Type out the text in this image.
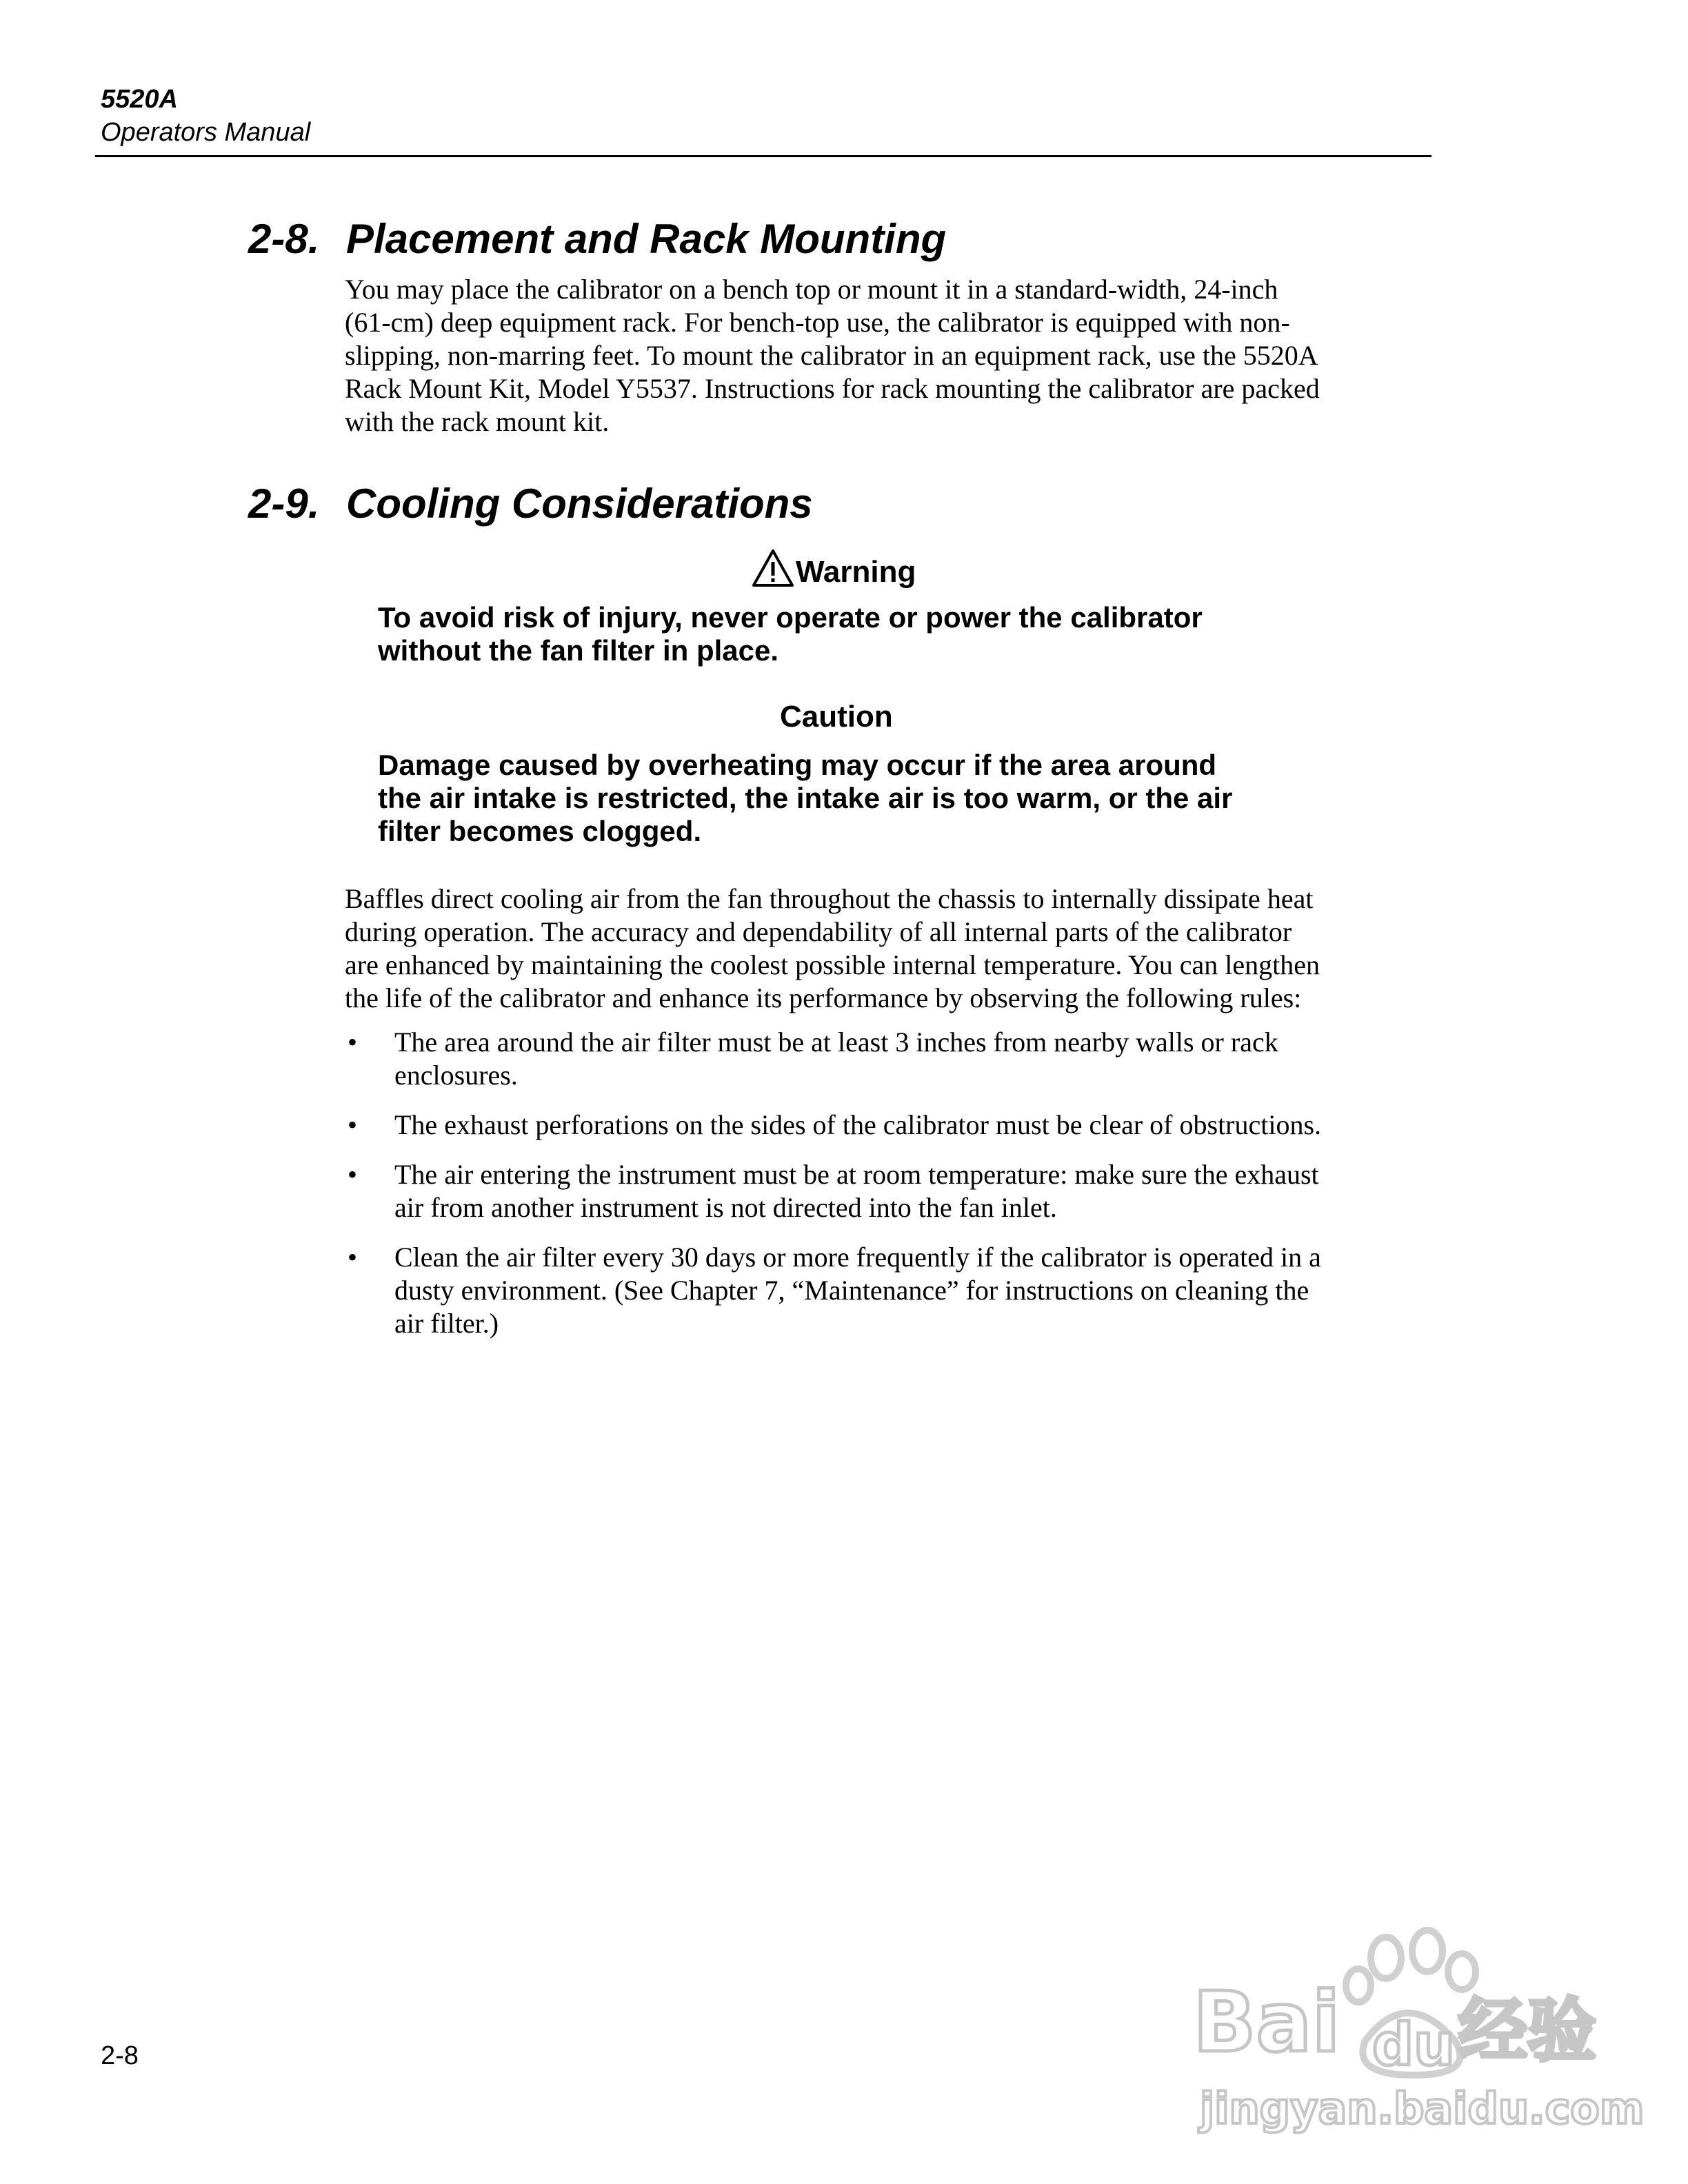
5520A
Operators Manual
2-8. Placement and Rack Mounting

You may place the calibrator on a bench top or mount it in a standard-width, 24-inch

(61-cm) deep equipment rack. For bench-top use, the calibrator is equipped with non-

slipping, non-marring feet. To mount the calibrator in an equipment rack, use the 5520A

Rack Mount Kit, Model Y5537. Instructions for rack mounting the calibrator are packed

with the rack mount kit.

2-9. Cooling Considerations
Warning

To avoid risk of injury, never operate or power the calibrator

without the fan filter in place.

Caution

Damage caused by overheating may occur if the area around

the air intake is restricted, the intake air is too warm, or the air

filter becomes clogged.

Baffles direct cooling air from the fan throughout the chassis to internally dissipate heat

during operation. The accuracy and dependability of all internal parts of the calibrator

are enhanced by maintaining the coolest possible internal temperature. You can lengthen

the life of the calibrator and enhance its performance by observing the following rules:

• The area around the air filter must be at least 3 inches from nearby walls or rack
enclosures.
• The exhaust perforations on the sides of the calibrator must be clear of obstructions.
• The air entering the instrument must be at room temperature: make sure the exhaust
air from another instrument is not directed into the fan inlet.
• Clean the air filter every 30 days or more frequently if the calibrator is operated in a
dusty environment. (See Chapter 7, “Maintenance” for instructions on cleaning the
air filter.)
2-8	Bai du 经验
jingyan.baidu.com
